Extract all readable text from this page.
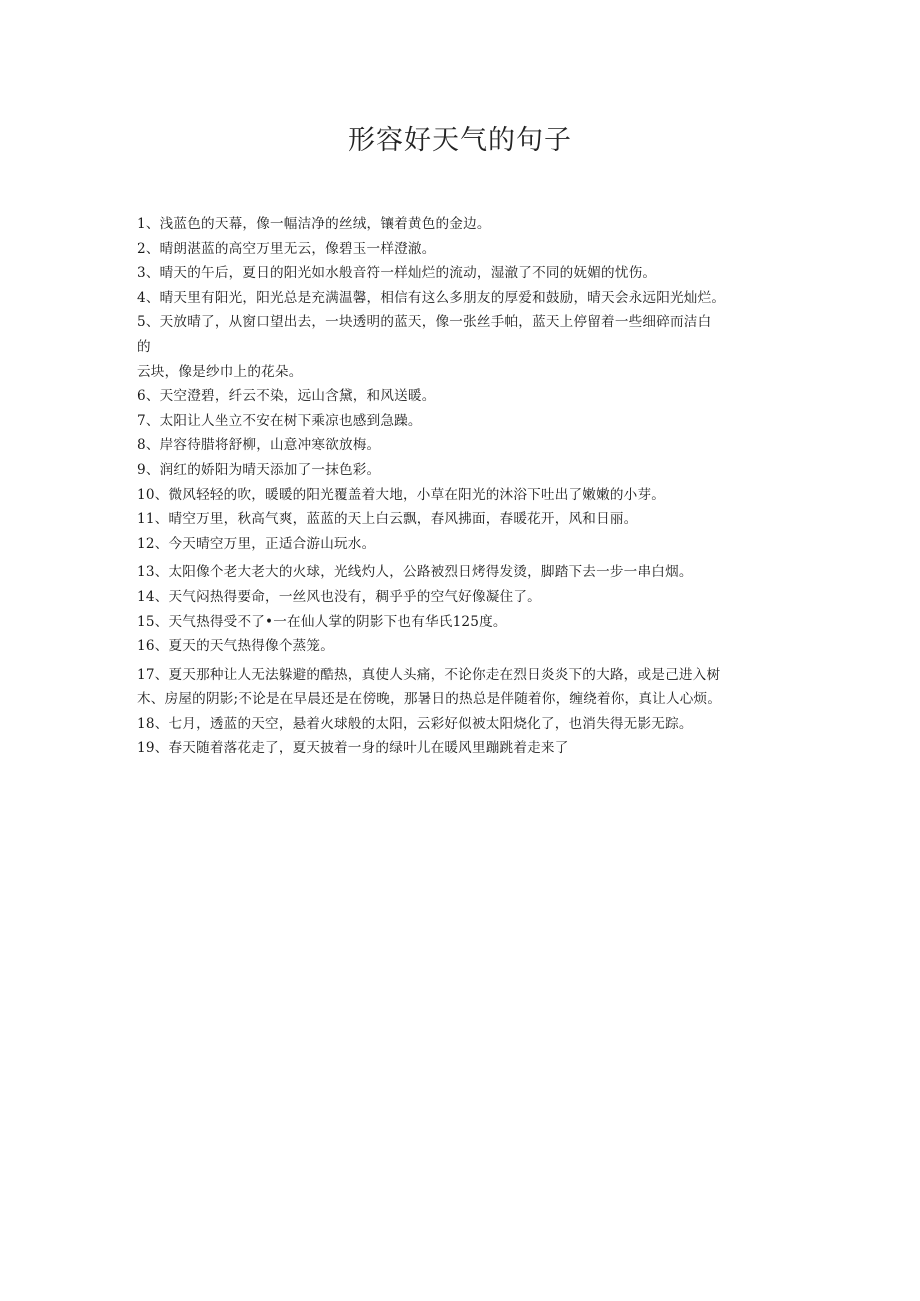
形容好天气的句子
1、浅蓝色的天幕，像一幅洁净的丝绒，镶着黄色的金边。
2、晴朗湛蓝的高空万里无云，像碧玉一样澄澈。
3、晴天的午后，夏日的阳光如水般音符一样灿烂的流动，湿澈了不同的妩媚的忧伤。
4、晴天里有阳光，阳光总是充满温馨，相信有这么多朋友的厚爱和鼓励，晴天会永远阳光灿烂。
5、天放晴了，从窗口望出去，一块透明的蓝天，像一张丝手帕，蓝天上停留着一些细碎而洁白
的
云块，像是纱巾上的花朵。
6、天空澄碧，纤云不染，远山含黛，和风送暖。
7、太阳让人坐立不安在树下乘凉也感到急躁。
8、岸容待腊将舒柳，山意冲寒欲放梅。
9、润红的娇阳为晴天添加了一抹色彩。
10、微风轻轻的吹，暖暖的阳光覆盖着大地，小草在阳光的沐浴下吐出了嫩嫩的小芽。
11、晴空万里，秋高气爽，蓝蓝的天上白云飘，春风拂面，春暖花开，风和日丽。
12、今天晴空万里，正适合游山玩水。
13、太阳像个老大老大的火球，光线灼人，公路被烈日烤得发烫，脚踏下去一步一串白烟。
14、天气闷热得要命，一丝风也没有，稠乎乎的空气好像凝住了。
15、天气热得受不了•一在仙人掌的阴影下也有华氏125度。
16、夏天的天气热得像个蒸笼。
17、夏天那种让人无法躲避的酷热，真使人头痛，不论你走在烈日炎炎下的大路，或是己进入树
木、房屋的阴影;不论是在早晨还是在傍晚，那暑日的热总是伴随着你，缠绕着你，真让人心烦。
18、七月，透蓝的天空，悬着火球般的太阳，云彩好似被太阳烧化了，也消失得无影无踪。
19、春天随着落花走了，夏天披着一身的绿叶儿在暖风里蹦跳着走来了
